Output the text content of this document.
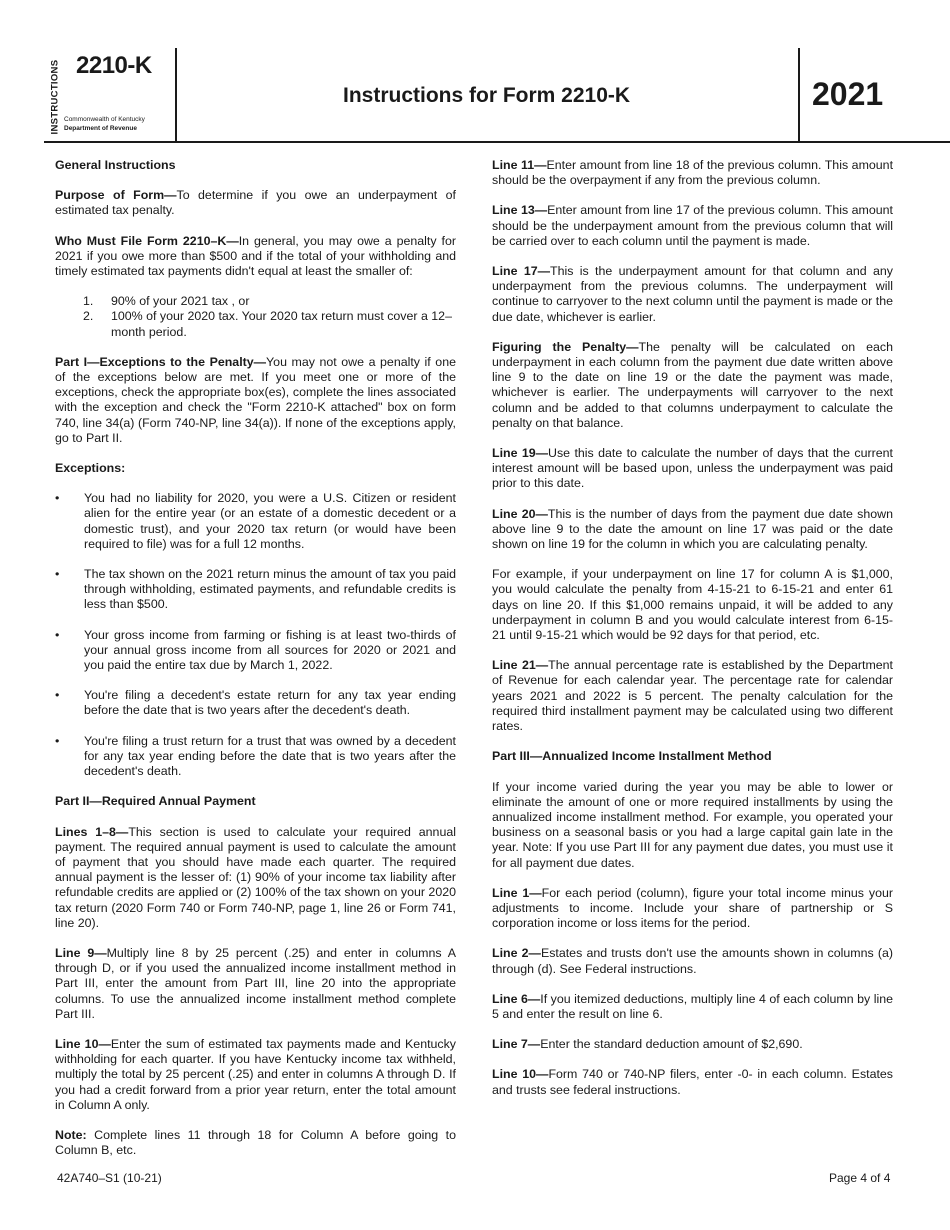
INSTRUCTIONS 2210-K
Commonwealth of Kentucky
Department of Revenue
Instructions for Form 2210-K	2021
General Instructions

Purpose of Form—To determine if you owe an underpayment of estimated tax penalty.

Who Must File Form 2210–K—In general, you may owe a penalty for 2021 if you owe more than $500 and if the total of your withholding and timely estimated tax payments didn't equal at least the smaller of:

1. 90% of your 2021 tax , or
2. 100% of your 2020 tax. Your 2020 tax return must cover a 12–month period.

Part I—Exceptions to the Penalty—You may not owe a penalty if one of the exceptions below are met. If you meet one or more of the exceptions, check the appropriate box(es), complete the lines associated with the exception and check the "Form 2210-K attached" box on form 740, line 34(a) (Form 740-NP, line 34(a)). If none of the exceptions apply, go to Part II.

Exceptions:
• You had no liability for 2020, you were a U.S. Citizen or resident alien for the entire year (or an estate of a domestic decedent or a domestic trust), and your 2020 tax return (or would have been required to file) was for a full 12 months.
• The tax shown on the 2021 return minus the amount of tax you paid through withholding, estimated payments, and refundable credits is less than $500.
• Your gross income from farming or fishing is at least two-thirds of your annual gross income from all sources for 2020 or 2021 and you paid the entire tax due by March 1, 2022.
• You're filing a decedent's estate return for any tax year ending before the date that is two years after the decedent's death.
• You're filing a trust return for a trust that was owned by a decedent for any tax year ending before the date that is two years after the decedent's death.
Part II—Required Annual Payment

Lines 1–8—This section is used to calculate your required annual payment. The required annual payment is used to calculate the amount of payment that you should have made each quarter. The required annual payment is the lesser of: (1) 90% of your income tax liability after refundable credits are applied or (2) 100% of the tax shown on your 2020 tax return (2020 Form 740 or Form 740-NP, page 1, line 26 or Form 741, line 20).

Line 9—Multiply line 8 by 25 percent (.25) and enter in columns A through D, or if you used the annualized income installment method in Part III, enter the amount from Part III, line 20 into the appropriate columns. To use the annualized income installment method complete Part III.

Line 10—Enter the sum of estimated tax payments made and Kentucky withholding for each quarter. If you have Kentucky income tax withheld, multiply the total by 25 percent (.25) and enter in columns A through D. If you had a credit forward from a prior year return, enter the total amount in Column A only.

Note: Complete lines 11 through 18 for Column A before going to Column B, etc.

Line 11—Enter amount from line 18 of the previous column. This amount should be the overpayment if any from the previous column.

Line 13—Enter amount from line 17 of the previous column. This amount should be the underpayment amount from the previous column that will be carried over to each column until the payment is made.

Line 17—This is the underpayment amount for that column and any underpayment from the previous columns. The underpayment will continue to carryover to the next column until the payment is made or the due date, whichever is earlier.

Figuring the Penalty—The penalty will be calculated on each underpayment in each column from the payment due date written above line 9 to the date on line 19 or the date the payment was made, whichever is earlier. The underpayments will carryover to the next column and be added to that columns underpayment to calculate the penalty on that balance.

Line 19—Use this date to calculate the number of days that the current interest amount will be based upon, unless the underpayment was paid prior to this date.

Line 20—This is the number of days from the payment due date shown above line 9 to the date the amount on line 17 was paid or the date shown on line 19 for the column in which you are calculating penalty.

For example, if your underpayment on line 17 for column A is $1,000, you would calculate the penalty from 4-15-21 to 6-15-21 and enter 61 days on line 20. If this $1,000 remains unpaid, it will be added to any underpayment in column B and you would calculate interest from 6-15-21 until 9-15-21 which would be 92 days for that period, etc.

Line 21—The annual percentage rate is established by the Department of Revenue for each calendar year. The percentage rate for calendar years 2021 and 2022 is 5 percent. The penalty calculation for the required third installment payment may be calculated using two different rates.

Part III—Annualized Income Installment Method

If your income varied during the year you may be able to lower or eliminate the amount of one or more required installments by using the annualized income installment method. For example, you operated your business on a seasonal basis or you had a large capital gain late in the year. Note: If you use Part III for any payment due dates, you must use it for all payment due dates.

Line 1—For each period (column), figure your total income minus your adjustments to income. Include your share of partnership or S corporation income or loss items for the period.

Line 2—Estates and trusts don't use the amounts shown in columns (a) through (d). See Federal instructions.

Line 6—If you itemized deductions, multiply line 4 of each column by line 5 and enter the result on line 6.

Line 7—Enter the standard deduction amount of $2,690.

Line 10—Form 740 or 740-NP filers, enter -0- in each column. Estates and trusts see federal instructions.

42A740–S1 (10-21)	Page 4 of 4
